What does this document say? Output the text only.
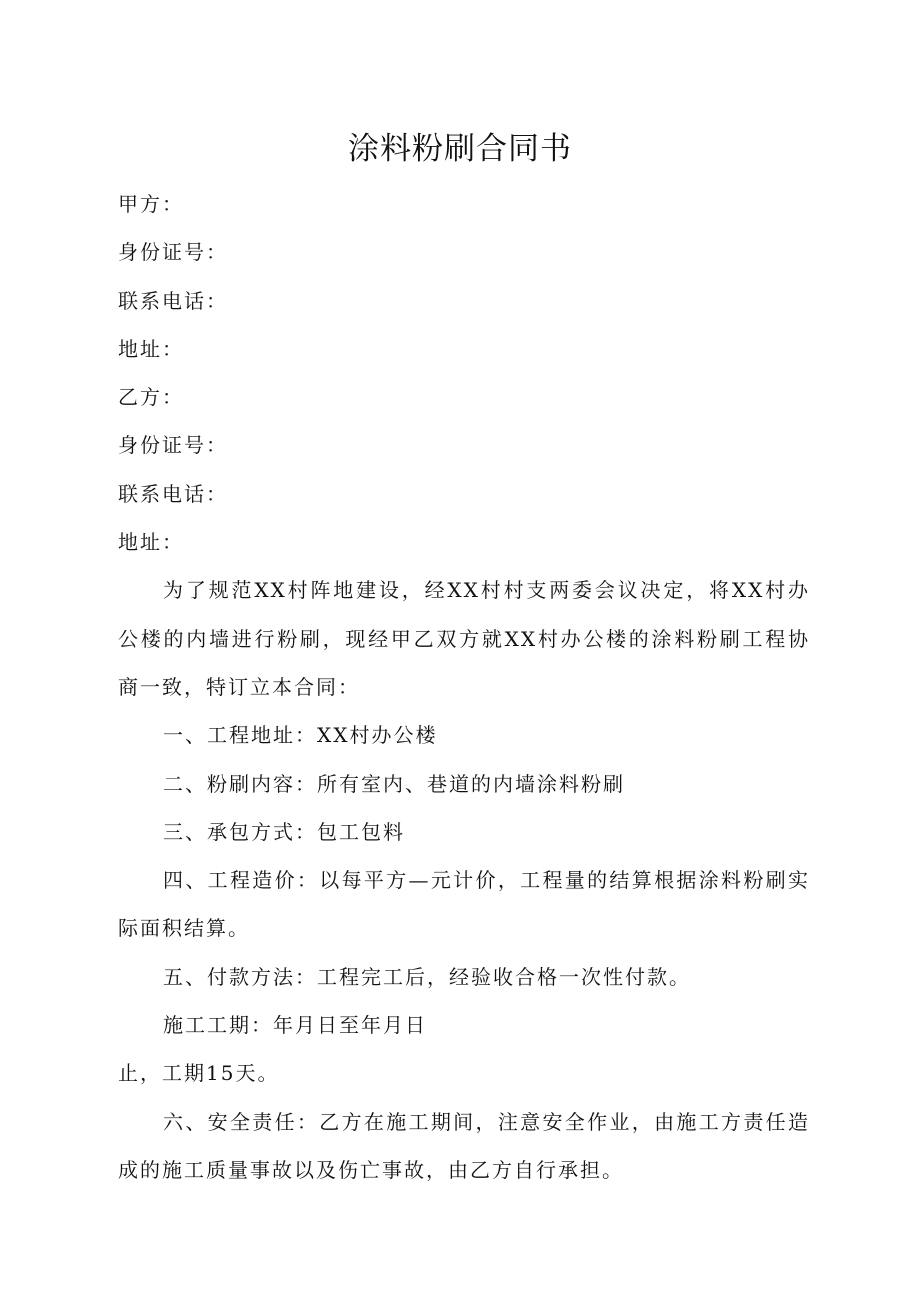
涂料粉刷合同书

甲方：

身份证号：

联系电话：

地址：

乙方：

身份证号：

联系电话：

地址：

为了规范XX村阵地建设，经XX村村支两委会议决定，将XX村办公楼的内墙进行粉刷，现经甲乙双方就XX村办公楼的涂料粉刷工程协商一致，特订立本合同：

一、工程地址：XX村办公楼

二、粉刷内容：所有室内、巷道的内墙涂料粉刷

三、承包方式：包工包料

四、工程造价：以每平方—元计价，工程量的结算根据涂料粉刷实际面积结算。

五、付款方法：工程完工后，经验收合格一次性付款。

施工工期：年月日至年月日

止，工期15天。

六、安全责任：乙方在施工期间，注意安全作业，由施工方责任造成的施工质量事故以及伤亡事故，由乙方自行承担。
